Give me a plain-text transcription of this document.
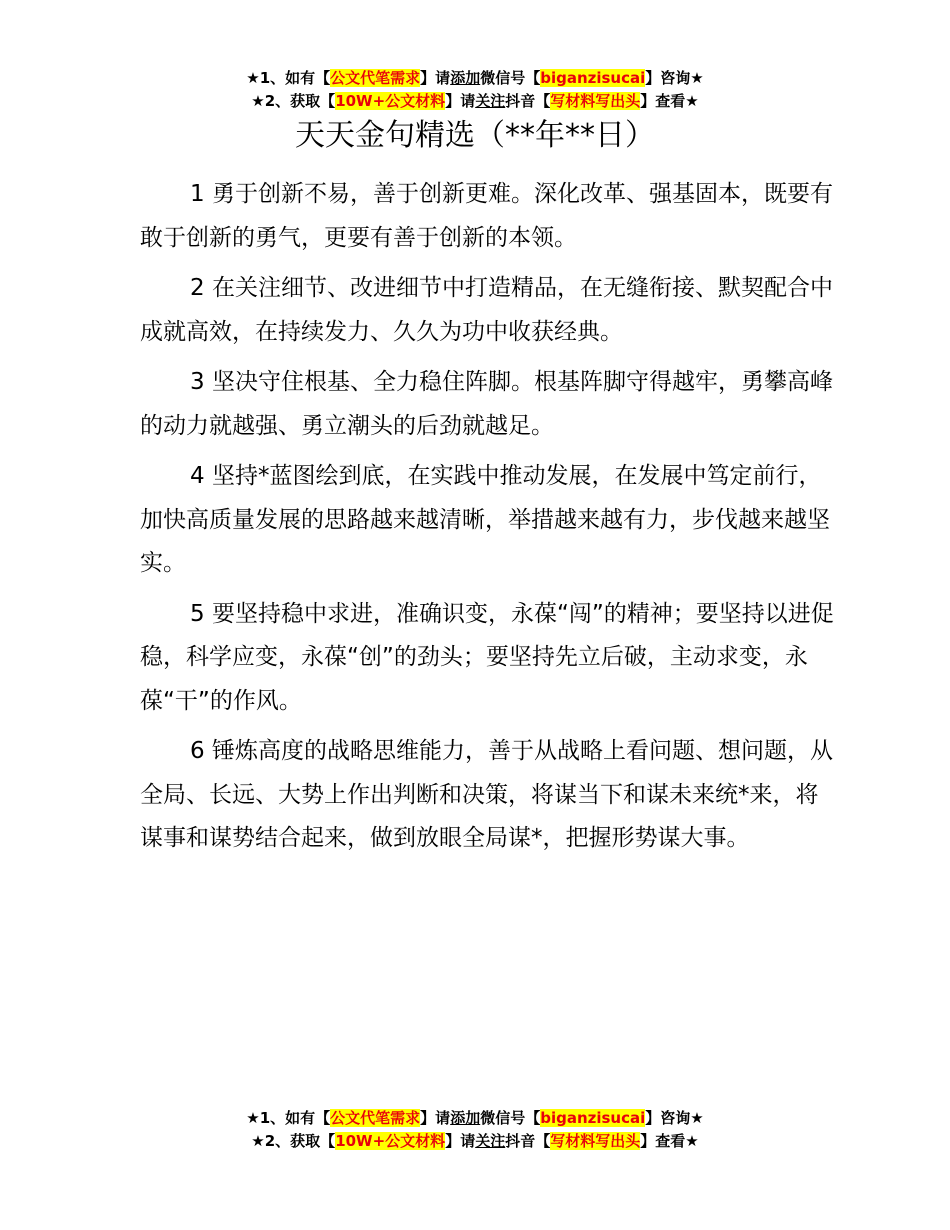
★1、如有【公文代笔需求】请添加微信号【biganzisucai】咨询★
★2、获取【10W+公文材料】请关注抖音【写材料写出头】查看★
天天金句精选（**年**日）

1 勇于创新不易，善于创新更难。深化改革、强基固本，既要有敢于创新的勇气，更要有善于创新的本领。

2 在关注细节、改进细节中打造精品，在无缝衔接、默契配合中成就高效，在持续发力、久久为功中收获经典。

3 坚决守住根基、全力稳住阵脚。根基阵脚守得越牢，勇攀高峰的动力就越强、勇立潮头的后劲就越足。

4 坚持*蓝图绘到底，在实践中推动发展，在发展中笃定前行，加快高质量发展的思路越来越清晰，举措越来越有力，步伐越来越坚实。

5 要坚持稳中求进，准确识变，永葆“闯”的精神；要坚持以进促稳，科学应变，永葆“创”的劲头；要坚持先立后破，主动求变，永葆“干”的作风。

6 锤炼高度的战略思维能力，善于从战略上看问题、想问题，从全局、长远、大势上作出判断和决策，将谋当下和谋未来统*来，将谋事和谋势结合起来，做到放眼全局谋*，把握形势谋大事。

★1、如有【公文代笔需求】请添加微信号【biganzisucai】咨询★
★2、获取【10W+公文材料】请关注抖音【写材料写出头】查看★
